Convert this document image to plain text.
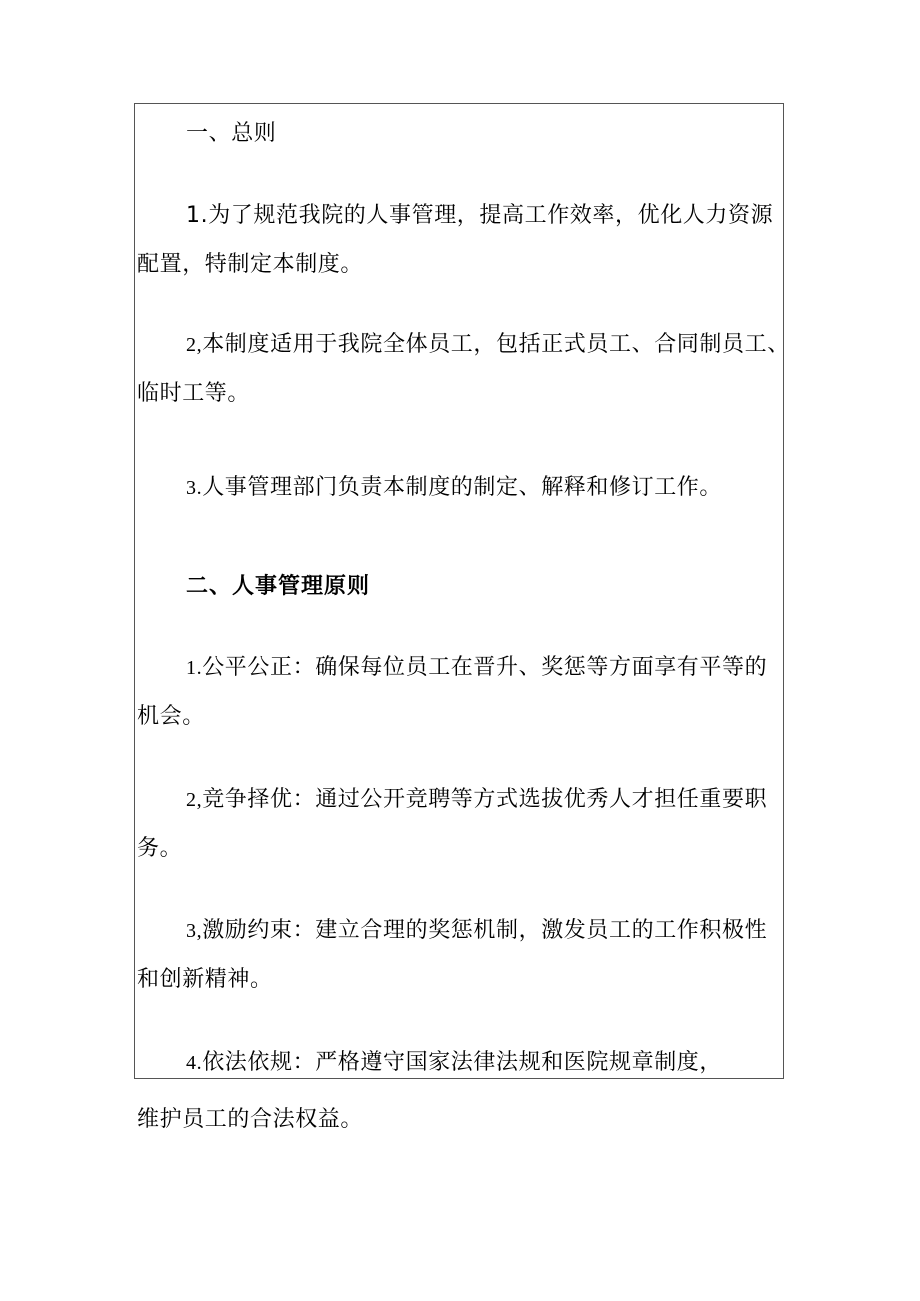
一、总则
1.为了规范我院的人事管理，提高工作效率，优化人力资源
配置，特制定本制度。
2,本制度适用于我院全体员工，包括正式员工、合同制员工、
临时工等。
3.人事管理部门负责本制度的制定、解释和修订工作。
二、人事管理原则
1.公平公正：确保每位员工在晋升、奖惩等方面享有平等的
机会。
2,竞争择优：通过公开竞聘等方式选拔优秀人才担任重要职
务。
3,激励约束：建立合理的奖惩机制，激发员工的工作积极性
和创新精神。
4.依法依规：严格遵守国家法律法规和医院规章制度，
维护员工的合法权益。
